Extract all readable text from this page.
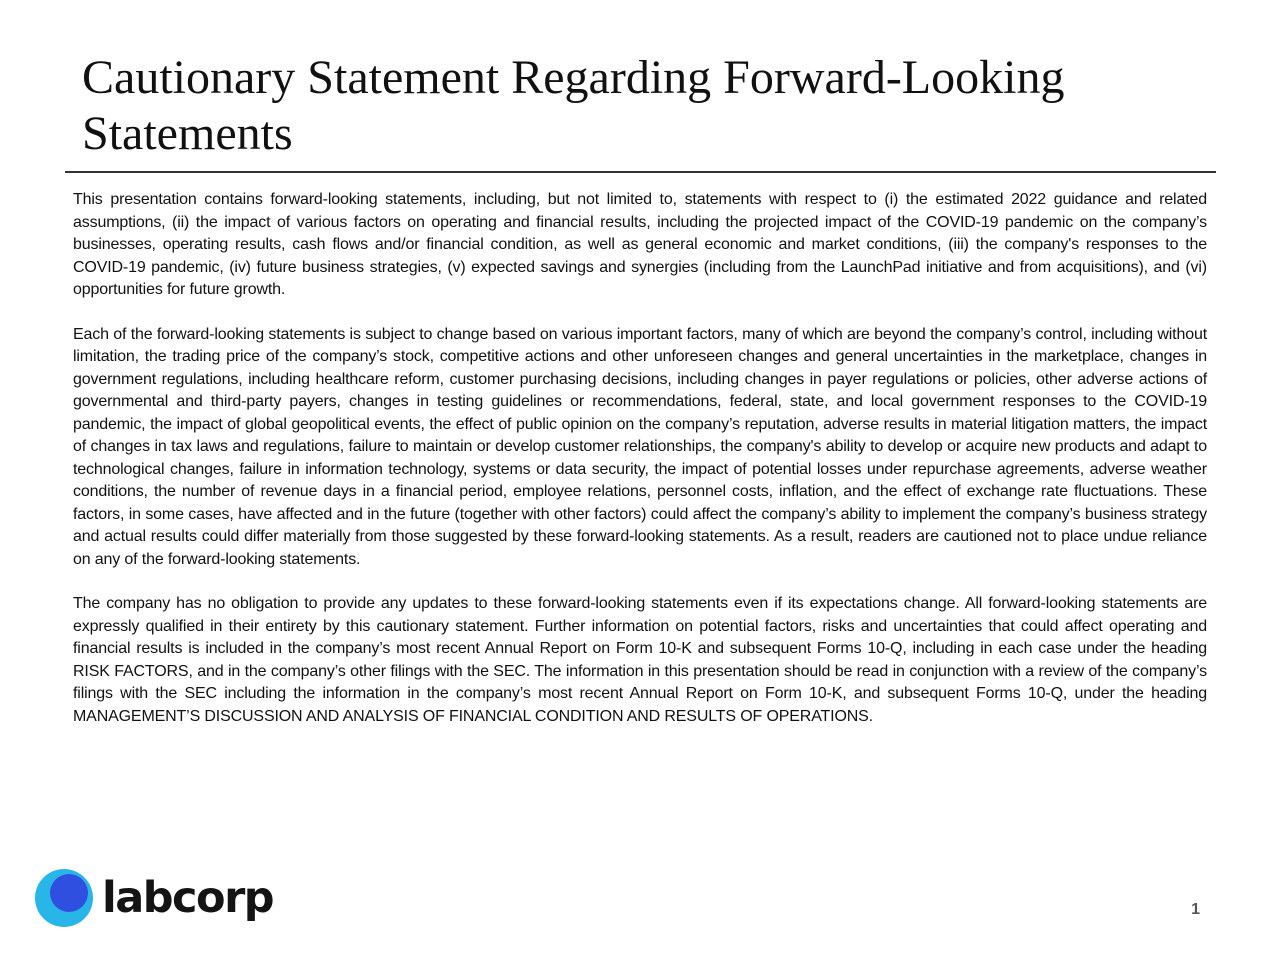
Cautionary Statement Regarding Forward-Looking Statements

This presentation contains forward-looking statements, including, but not limited to, statements with respect to (i) the estimated 2022 guidance and related assumptions, (ii) the impact of various factors on operating and financial results, including the projected impact of the COVID-19 pandemic on the company’s businesses, operating results, cash flows and/or financial condition, as well as general economic and market conditions, (iii) the company's responses to the COVID-19 pandemic, (iv) future business strategies, (v) expected savings and synergies (including from the LaunchPad initiative and from acquisitions), and (vi) opportunities for future growth.

Each of the forward-looking statements is subject to change based on various important factors, many of which are beyond the company’s control, including without limitation, the trading price of the company’s stock, competitive actions and other unforeseen changes and general uncertainties in the marketplace, changes in government regulations, including healthcare reform, customer purchasing decisions, including changes in payer regulations or policies, other adverse actions of governmental and third-party payers, changes in testing guidelines or recommendations, federal, state, and local government responses to the COVID-19 pandemic, the impact of global geopolitical events, the effect of public opinion on the company’s reputation, adverse results in material litigation matters, the impact of changes in tax laws and regulations, failure to maintain or develop customer relationships, the company's ability to develop or acquire new products and adapt to technological changes, failure in information technology, systems or data security, the impact of potential losses under repurchase agreements, adverse weather conditions, the number of revenue days in a financial period, employee relations, personnel costs, inflation, and the effect of exchange rate fluctuations. These factors, in some cases, have affected and in the future (together with other factors) could affect the company’s ability to implement the company’s business strategy and actual results could differ materially from those suggested by these forward-looking statements. As a result, readers are cautioned not to place undue reliance on any of the forward-looking statements.

The company has no obligation to provide any updates to these forward-looking statements even if its expectations change. All forward-looking statements are expressly qualified in their entirety by this cautionary statement. Further information on potential factors, risks and uncertainties that could affect operating and financial results is included in the company’s most recent Annual Report on Form 10-K and subsequent Forms 10-Q, including in each case under the heading RISK FACTORS, and in the company’s other filings with the SEC. The information in this presentation should be read in conjunction with a review of the company’s filings with the SEC including the information in the company’s most recent Annual Report on Form 10-K, and subsequent Forms 10-Q, under the heading MANAGEMENT’S DISCUSSION AND ANALYSIS OF FINANCIAL CONDITION AND RESULTS OF OPERATIONS.

labcorp	1
